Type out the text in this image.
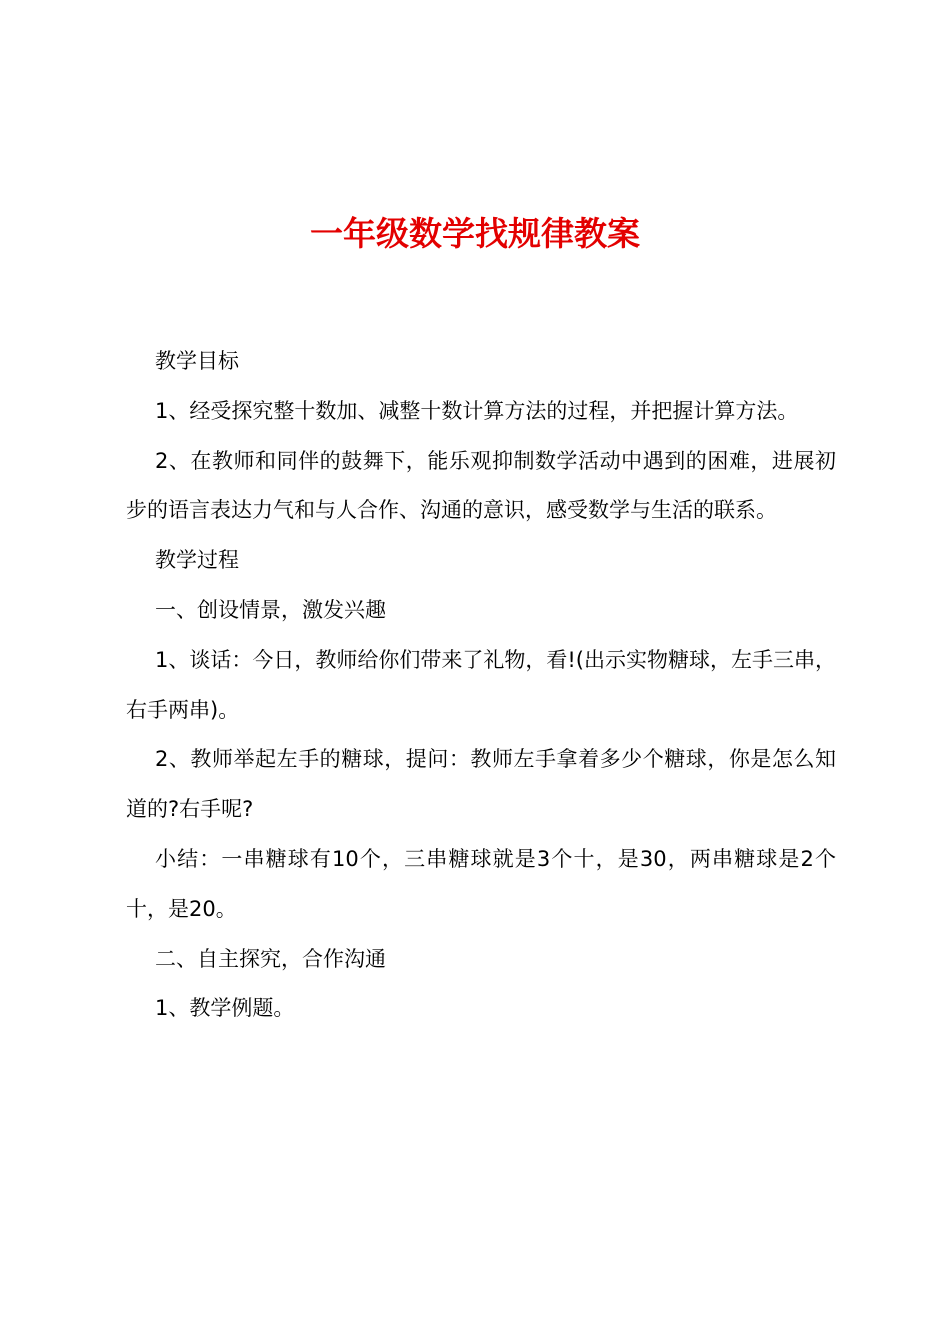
一年级数学找规律教案

教学目标

1、经受探究整十数加、减整十数计算方法的过程，并把握计算方法。

2、在教师和同伴的鼓舞下，能乐观抑制数学活动中遇到的困难，进展初步的语言表达力气和与人合作、沟通的意识，感受数学与生活的联系。

教学过程

一、创设情景，激发兴趣

1、谈话：今日，教师给你们带来了礼物，看!(出示实物糖球，左手三串，右手两串)。

2、教师举起左手的糖球，提问：教师左手拿着多少个糖球，你是怎么知道的?右手呢?

小结：一串糖球有10个，三串糖球就是3个十，是30，两串糖球是2个十，是20。

二、自主探究，合作沟通

1、教学例题。
